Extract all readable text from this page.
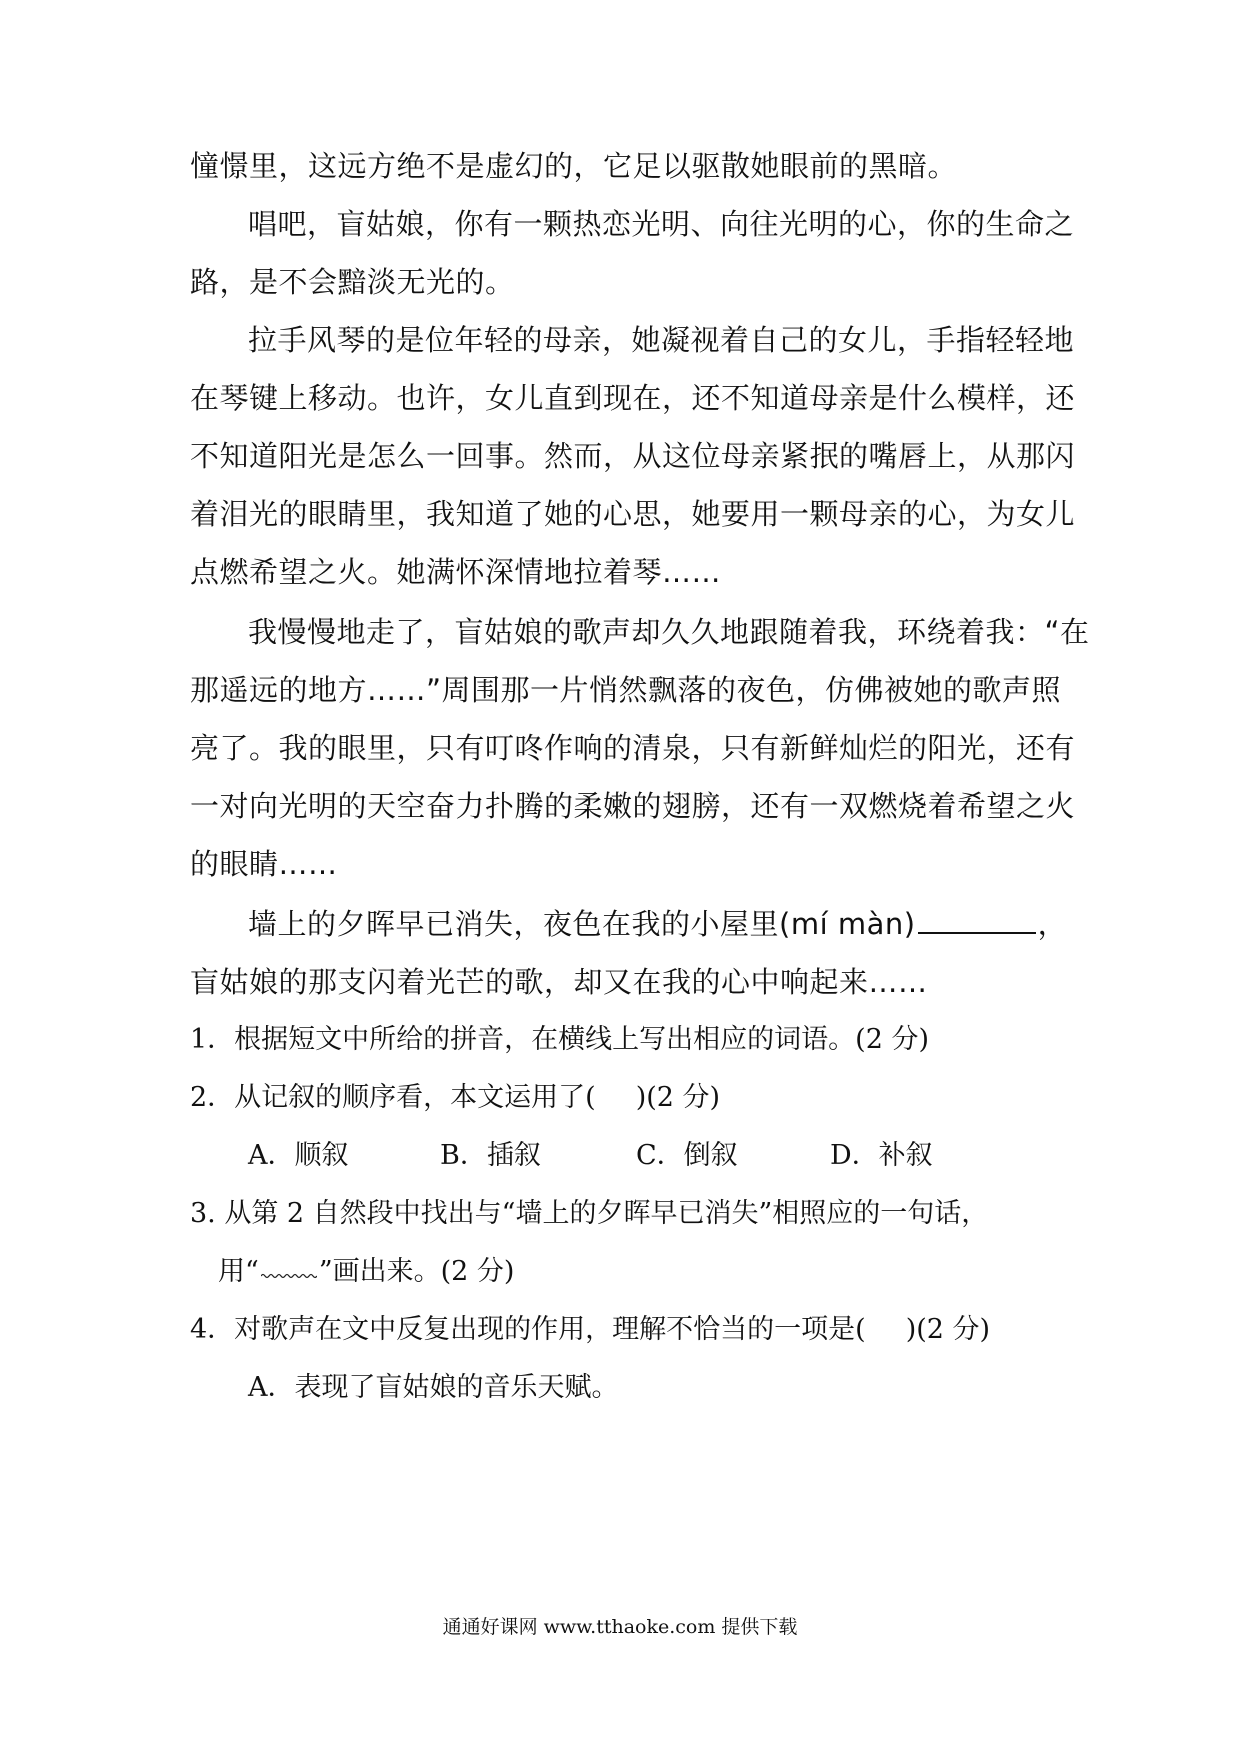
憧憬里，这远方绝不是虚幻的，它足以驱散她眼前的黑暗。
唱吧，盲姑娘，你有一颗热恋光明、向往光明的心，你的生命之
路，是不会黯淡无光的。
拉手风琴的是位年轻的母亲，她凝视着自己的女儿，手指轻轻地
在琴键上移动。也许，女儿直到现在，还不知道母亲是什么模样，还
不知道阳光是怎么一回事。然而，从这位母亲紧抿的嘴唇上，从那闪
着泪光的眼睛里，我知道了她的心思，她要用一颗母亲的心，为女儿
点燃希望之火。她满怀深情地拉着琴……
我慢慢地走了，盲姑娘的歌声却久久地跟随着我，环绕着我：“在
那遥远的地方……”周围那一片悄然飘落的夜色，仿佛被她的歌声照
亮了。我的眼里，只有叮咚作响的清泉，只有新鲜灿烂的阳光，还有
一对向光明的天空奋力扑腾的柔嫩的翅膀，还有一双燃烧着希望之火
的眼睛……
墙上的夕晖早已消失，夜色在我的小屋里(mí màn)	，
盲姑娘的那支闪着光芒的歌，却又在我的心中响起来……
1．根据短文中所给的拼音，在横线上写出相应的词语。(2 分)
2．从记叙的顺序看，本文运用了( )(2 分)
A．顺叙	B．插叙	C．倒叙	D．补叙
3. 从第 2 自然段中找出与“墙上的夕晖早已消失”相照应的一句话，
用“ ”画出来。(2 分)
4．对歌声在文中反复出现的作用，理解不恰当的一项是( )(2 分)
A．表现了盲姑娘的音乐天赋。
通通好课网 www.tthaoke.com 提供下载
